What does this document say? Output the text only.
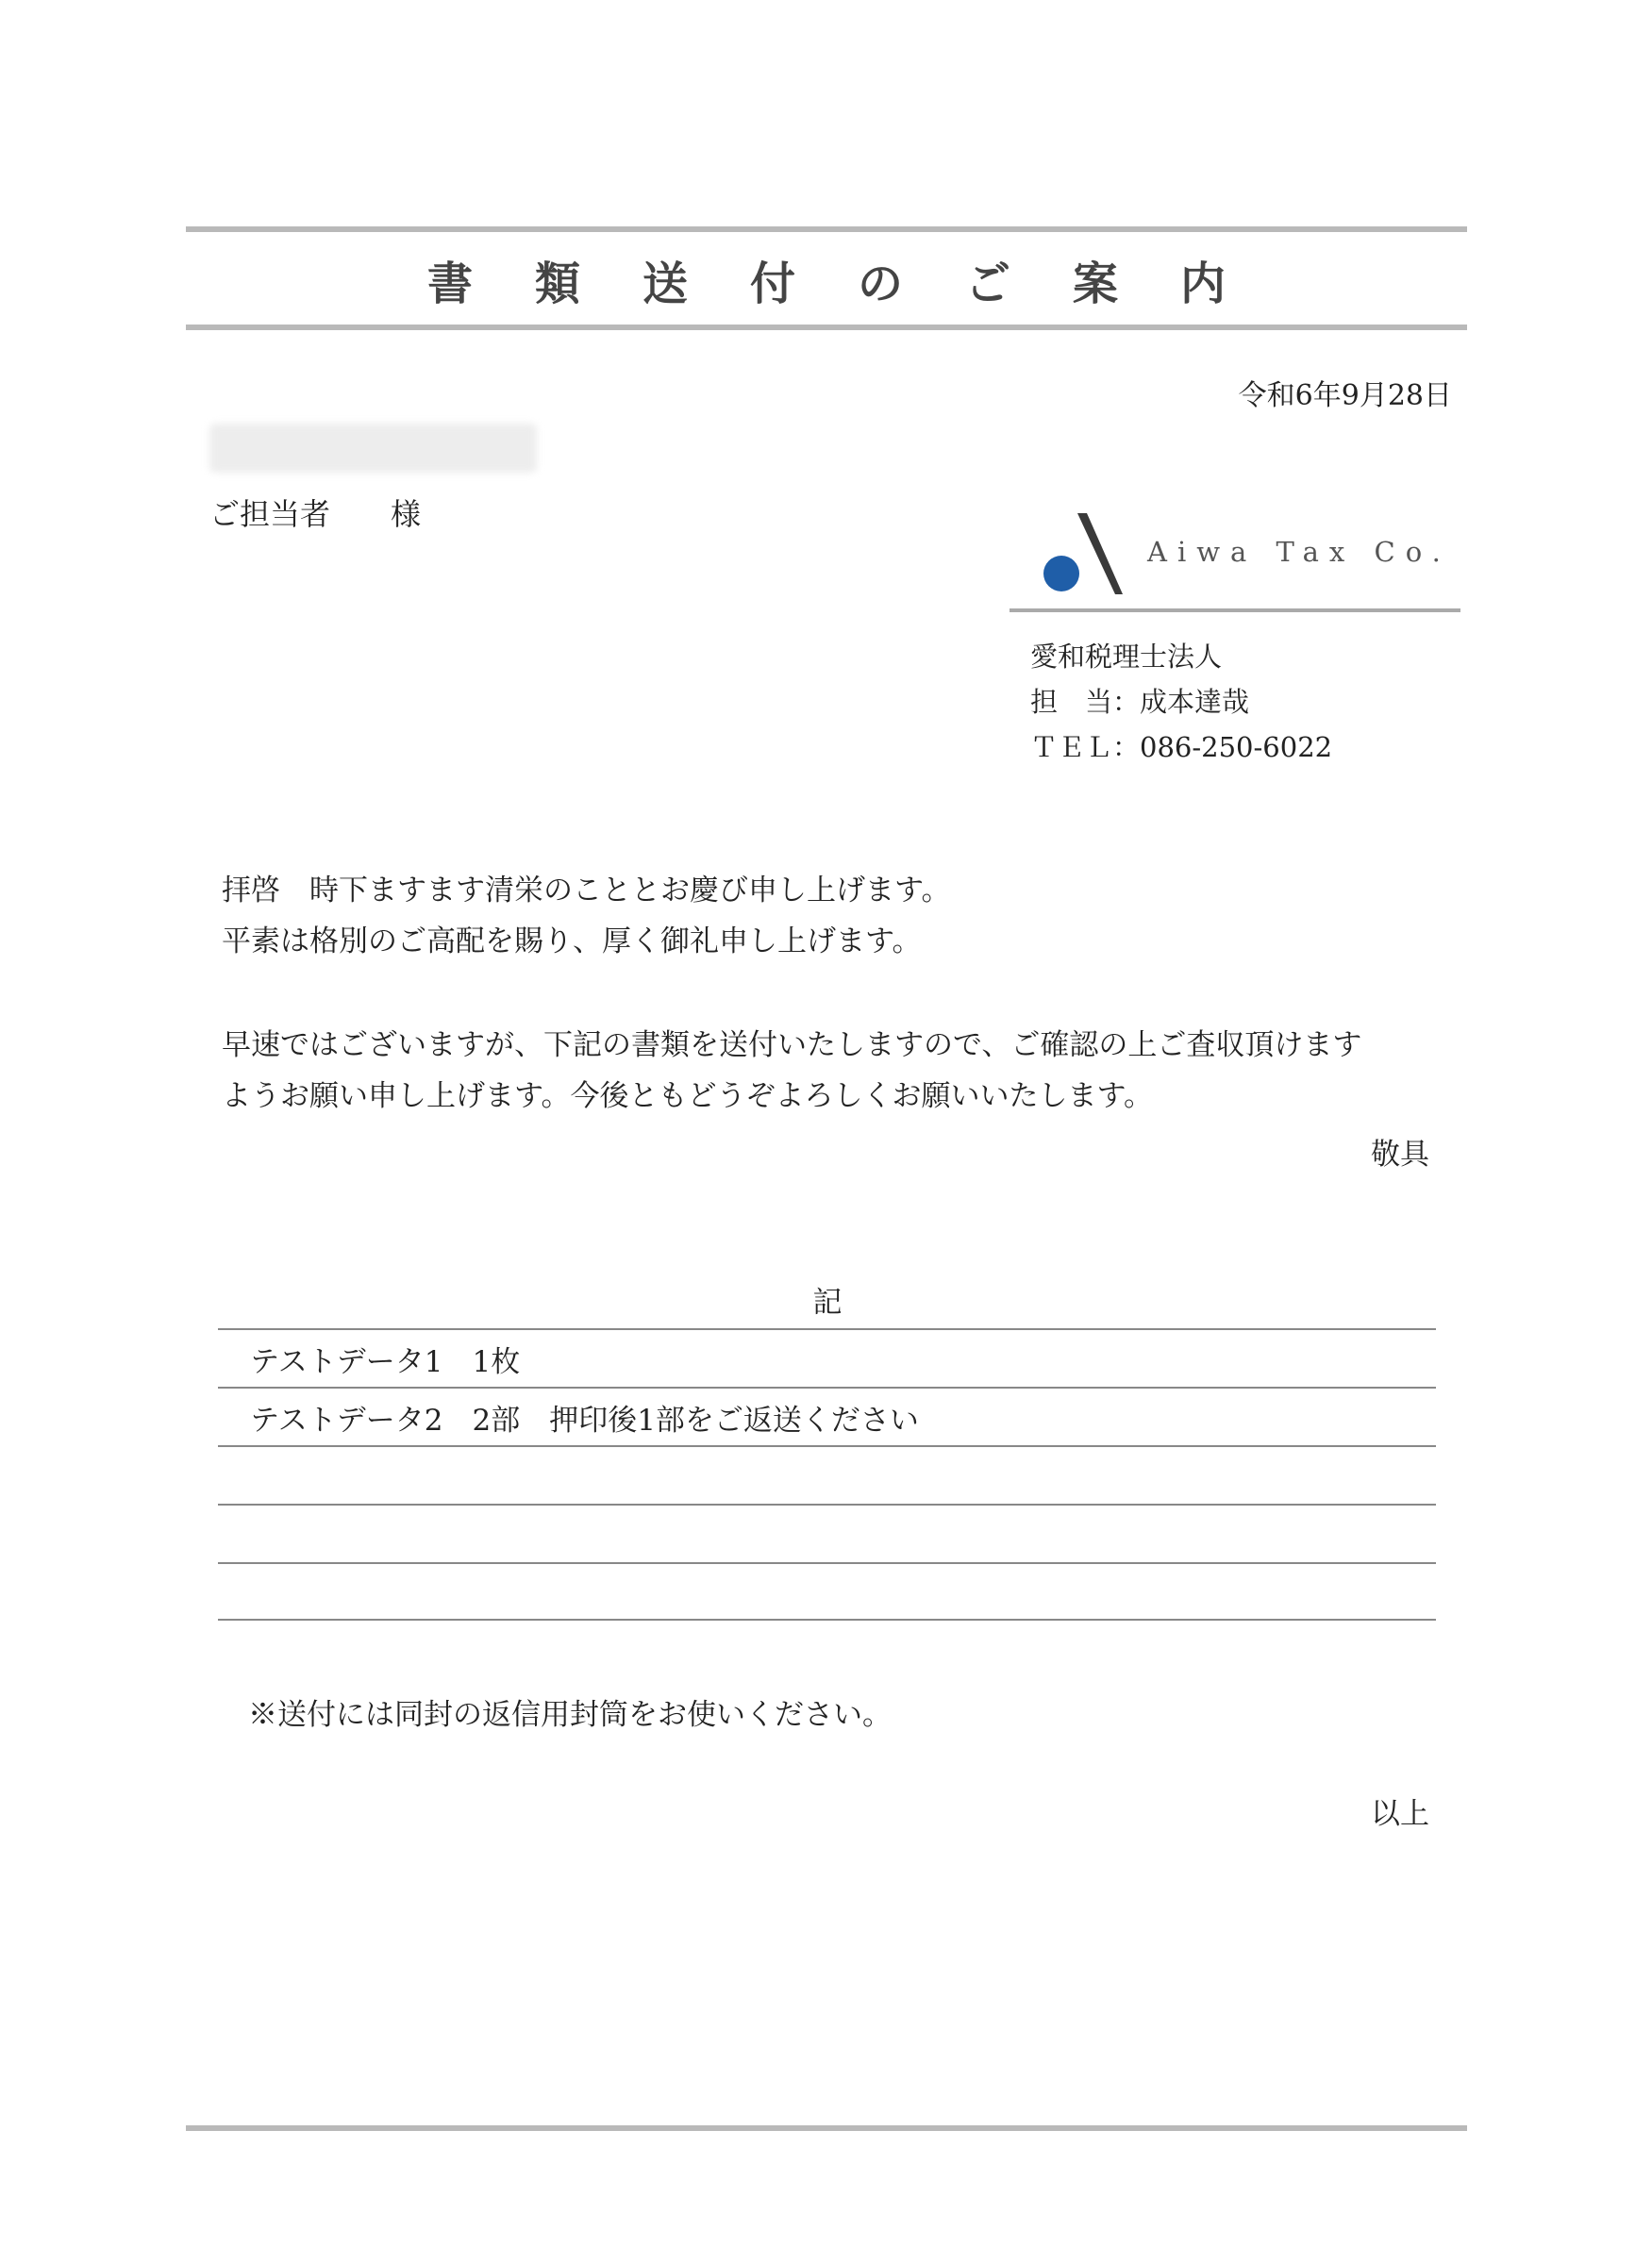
書 類 送 付 の ご 案 内
令和6年9月28日
ご担当者 様
Aiwa Tax Co.
愛和税理士法人
担　当：成本達哉
ＴＥＬ：086-250-6022
拝啓　時下ますます清栄のこととお慶び申し上げます。
平素は格別のご高配を賜り、厚く御礼申し上げます。
早速ではございますが、下記の書類を送付いたしますので、ご確認の上ご査収頂けます
ようお願い申し上げます。今後ともどうぞよろしくお願いいたします。
敬具
記
テストデータ1　1枚
テストデータ2　2部　押印後1部をご返送ください
※送付には同封の返信用封筒をお使いください。
以上
